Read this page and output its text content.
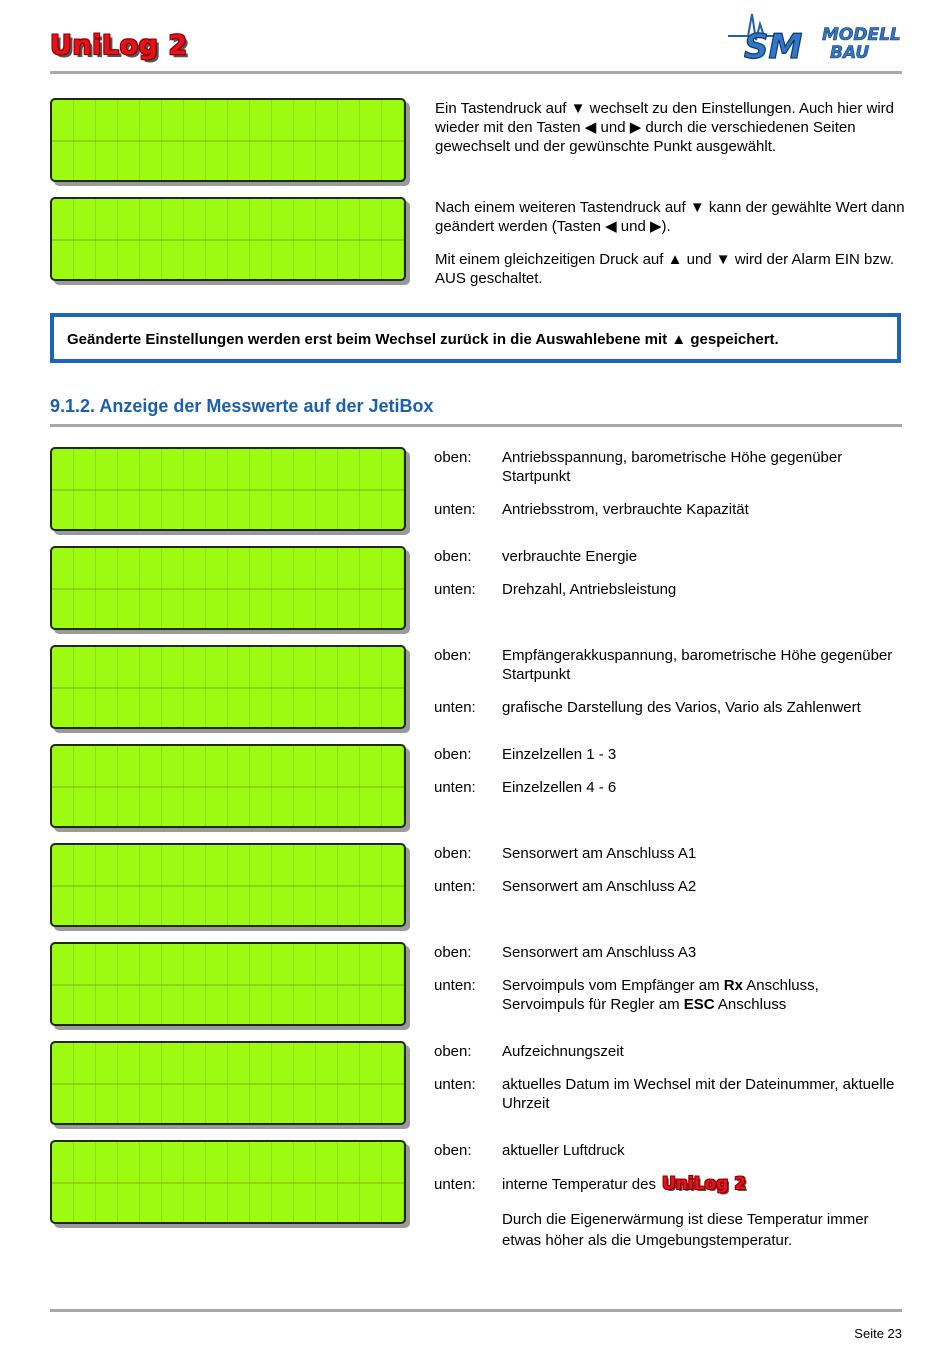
UniLog 2	SM MODELL
BAU

Ein Tastendruck auf ▼ wechselt zu den Einstellungen. Auch hier wird wieder mit den Tasten ◀ und ▶ durch die verschiedenen Seiten gewechselt und der gewünschte Punkt ausgewählt.

Nach einem weiteren Tastendruck auf ▼ kann der gewählte Wert dann geändert werden (Tasten ◀ und ▶).

Mit einem gleichzeitigen Druck auf ▲ und ▼ wird der Alarm EIN bzw. AUS geschaltet.

Geänderte Einstellungen werden erst beim Wechsel zurück in die Auswahlebene mit ▲ gespeichert.
9.1.2. Anzeige der Messwerte auf der JetiBox

oben: Antriebsspannung, barometrische Höhe gegenüber Startpunkt
unten: Antriebsstrom, verbrauchte Kapazität

oben: verbrauchte Energie
unten: Drehzahl, Antriebsleistung

oben: Empfängerakkuspannung, barometrische Höhe gegenüber Startpunkt
unten: grafische Darstellung des Varios, Vario als Zahlenwert

oben: Einzelzellen 1 - 3
unten: Einzelzellen 4 - 6

oben: Sensorwert am Anschluss A1
unten: Sensorwert am Anschluss A2

oben: Sensorwert am Anschluss A3
unten: Servoimpuls vom Empfänger am Rx Anschluss, Servoimpuls für Regler am ESC Anschluss

oben: Aufzeichnungszeit
unten: aktuelles Datum im Wechsel mit der Dateinummer, aktuelle Uhrzeit

oben: aktueller Luftdruck
unten: interne Temperatur des UniLog 2
Durch die Eigenerwärmung ist diese Temperatur immer etwas höher als die Umgebungstemperatur.
Seite 23
